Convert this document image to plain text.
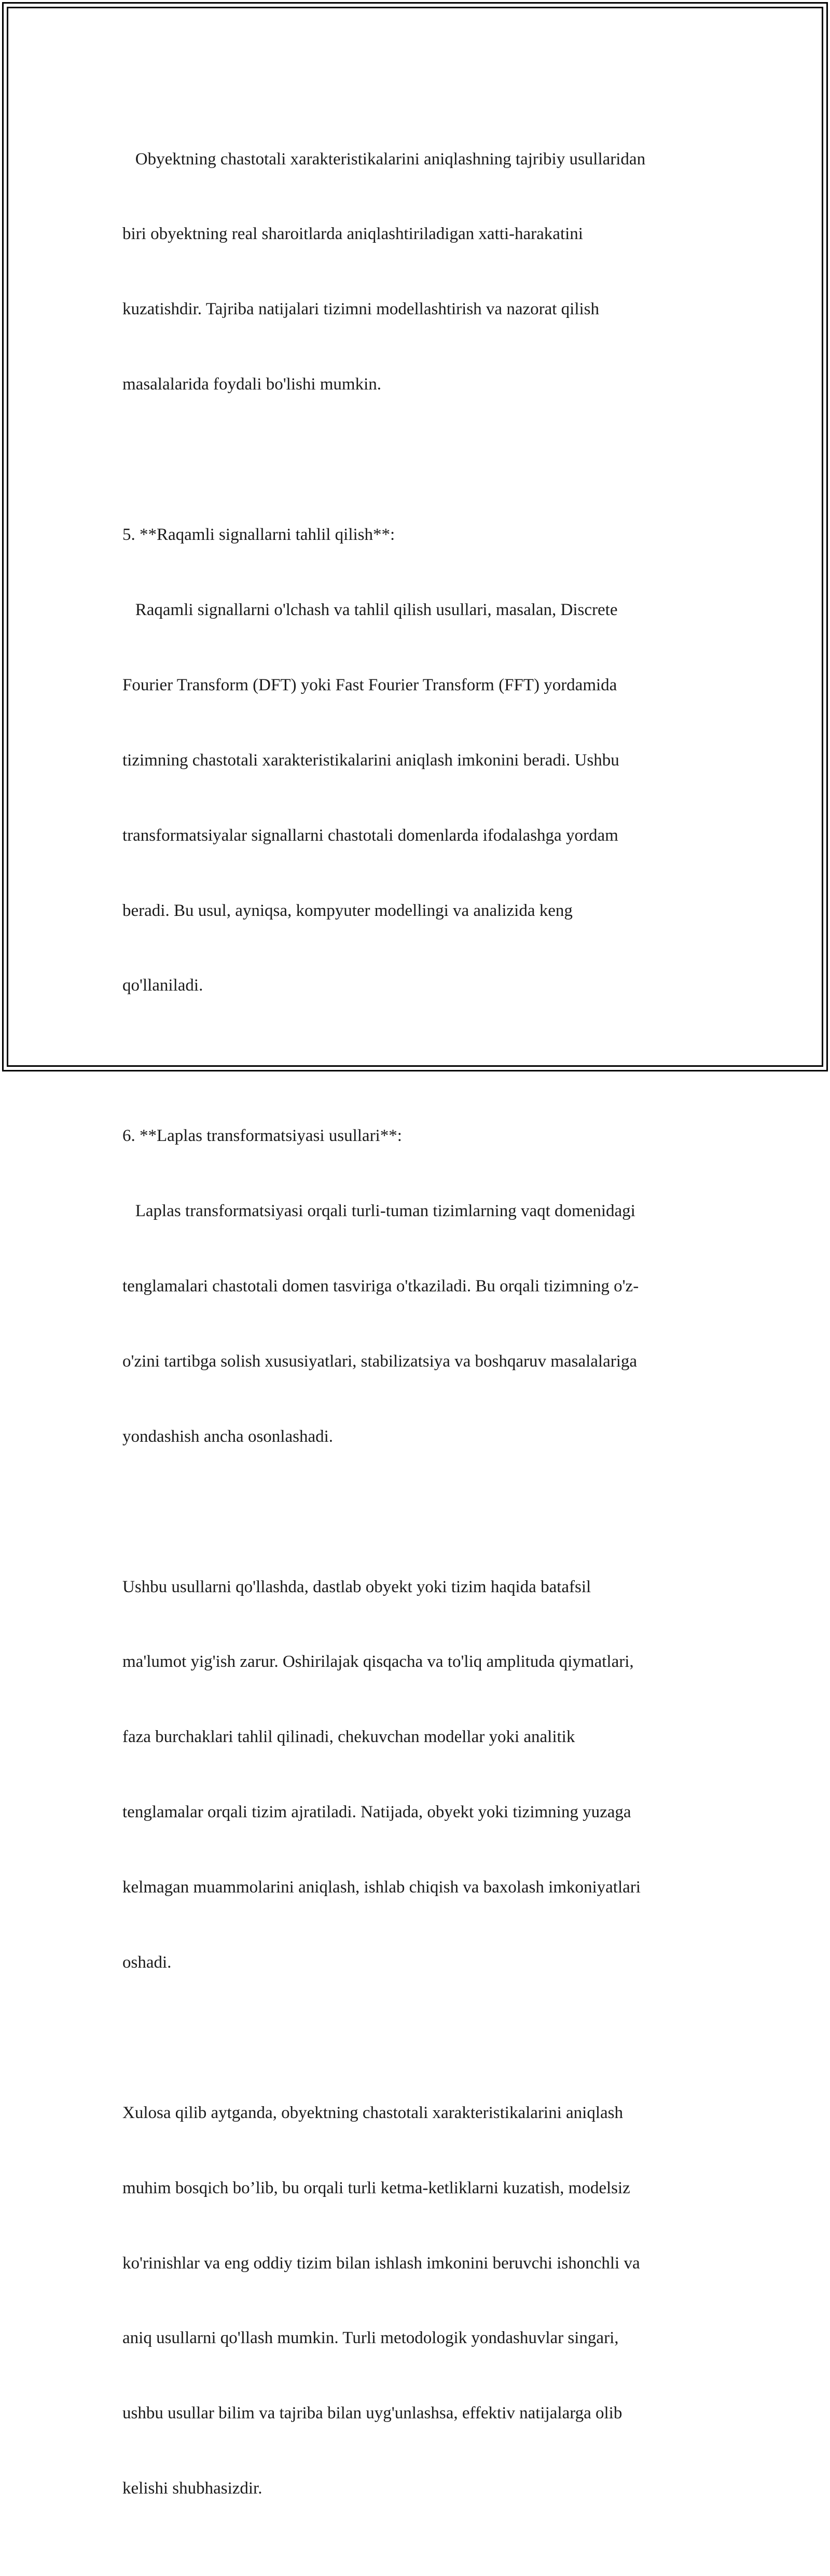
Obyektning chastotali xarakteristikalarini aniqlashning tajribiy usullaridan

biri obyektning real sharoitlarda aniqlashtiriladigan xatti-harakatini

kuzatishdir. Tajriba natijalari tizimni modellashtirish va nazorat qilish

masalalarida foydali bo'lishi mumkin.

5. **Raqamli signallarni tahlil qilish**:

Raqamli signallarni o'lchash va tahlil qilish usullari, masalan, Discrete

Fourier Transform (DFT) yoki Fast Fourier Transform (FFT) yordamida

tizimning chastotali xarakteristikalarini aniqlash imkonini beradi. Ushbu

transformatsiyalar signallarni chastotali domenlarda ifodalashga yordam

beradi. Bu usul, ayniqsa, kompyuter modellingi va analizida keng

qo'llaniladi.

6. **Laplas transformatsiyasi usullari**:

Laplas transformatsiyasi orqali turli-tuman tizimlarning vaqt domenidagi

tenglamalari chastotali domen tasviriga o'tkaziladi. Bu orqali tizimning o'z-

o'zini tartibga solish xususiyatlari, stabilizatsiya va boshqaruv masalalariga

yondashish ancha osonlashadi.

Ushbu usullarni qo'llashda, dastlab obyekt yoki tizim haqida batafsil

ma'lumot yig'ish zarur. Oshirilajak qisqacha va to'liq amplituda qiymatlari,

faza burchaklari tahlil qilinadi, chekuvchan modellar yoki analitik

tenglamalar orqali tizim ajratiladi. Natijada, obyekt yoki tizimning yuzaga

kelmagan muammolarini aniqlash, ishlab chiqish va baxolash imkoniyatlari

oshadi.

Xulosa qilib aytganda, obyektning chastotali xarakteristikalarini aniqlash

muhim bosqich bo’lib, bu orqali turli ketma-ketliklarni kuzatish, modelsiz

ko'rinishlar va eng oddiy tizim bilan ishlash imkonini beruvchi ishonchli va

aniq usullarni qo'llash mumkin. Turli metodologik yondashuvlar singari,

ushbu usullar bilim va tajriba bilan uyg'unlashsa, effektiv natijalarga olib

kelishi shubhasizdir.
